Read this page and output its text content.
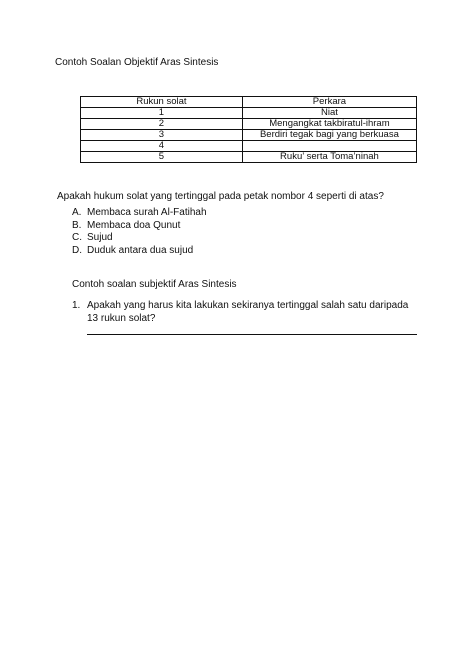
Contoh Soalan Objektif Aras Sintesis
Rukun solat	Perkara
1	Niat
2	Mengangkat takbiratul-ihram
3	Berdiri tegak bagi yang berkuasa
4	
5	Ruku’ serta Toma’ninah
Apakah hukum solat yang tertinggal pada petak nombor 4 seperti di atas?
A. Membaca surah Al-Fatihah
B. Membaca doa Qunut
C. Sujud
D. Duduk antara dua sujud
Contoh soalan subjektif Aras Sintesis
1. Apakah yang harus kita lakukan sekiranya tertinggal salah satu daripada 13 rukun solat?
